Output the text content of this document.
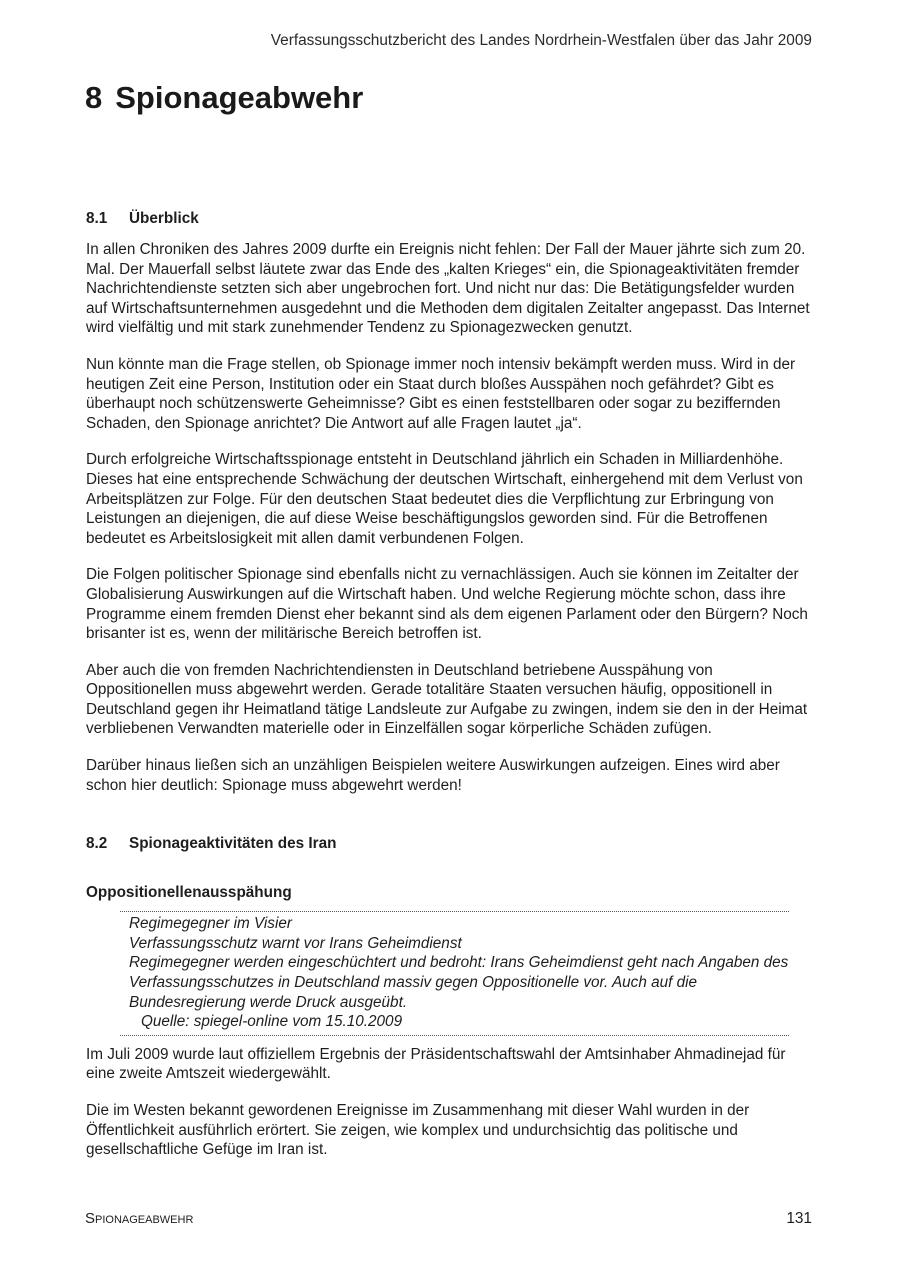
Verfassungsschutzbericht des Landes Nordrhein-Westfalen über das Jahr 2009
8 Spionageabwehr
8.1 Überblick

In allen Chroniken des Jahres 2009 durfte ein Ereignis nicht fehlen: Der Fall der Mauer jährte sich zum 20. Mal. Der Mauerfall selbst läutete zwar das Ende des „kalten Krieges“ ein, die Spionageaktivitäten fremder Nachrichtendienste setzten sich aber ungebrochen fort. Und nicht nur das: Die Betätigungsfelder wurden auf Wirtschaftsunternehmen ausgedehnt und die Methoden dem digitalen Zeitalter angepasst. Das Internet wird vielfältig und mit stark zunehmender Tendenz zu Spionagezwecken genutzt.

Nun könnte man die Frage stellen, ob Spionage immer noch intensiv bekämpft werden muss. Wird in der heutigen Zeit eine Person, Institution oder ein Staat durch bloßes Ausspähen noch gefährdet? Gibt es überhaupt noch schützenswerte Geheimnisse? Gibt es einen feststellbaren oder sogar zu beziffernden Schaden, den Spionage anrichtet? Die Antwort auf alle Fragen lautet „ja“.

Durch erfolgreiche Wirtschaftsspionage entsteht in Deutschland jährlich ein Schaden in Milliardenhöhe. Dieses hat eine entsprechende Schwächung der deutschen Wirtschaft, einhergehend mit dem Verlust von Arbeitsplätzen zur Folge. Für den deutschen Staat bedeutet dies die Verpflichtung zur Erbringung von Leistungen an diejenigen, die auf diese Weise beschäftigungslos geworden sind. Für die Betroffenen bedeutet es Arbeitslosigkeit mit allen damit verbundenen Folgen.

Die Folgen politischer Spionage sind ebenfalls nicht zu vernachlässigen. Auch sie können im Zeitalter der Globalisierung Auswirkungen auf die Wirtschaft haben. Und welche Regierung möchte schon, dass ihre Programme einem fremden Dienst eher bekannt sind als dem eigenen Parlament oder den Bürgern? Noch brisanter ist es, wenn der militärische Bereich betroffen ist.

Aber auch die von fremden Nachrichtendiensten in Deutschland betriebene Ausspähung von Oppositionellen muss abgewehrt werden. Gerade totalitäre Staaten versuchen häufig, oppositionell in Deutschland gegen ihr Heimatland tätige Landsleute zur Aufgabe zu zwingen, indem sie den in der Heimat verbliebenen Verwandten materielle oder in Einzelfällen sogar körperliche Schäden zufügen.

Darüber hinaus ließen sich an unzähligen Beispielen weitere Auswirkungen aufzeigen. Eines wird aber schon hier deutlich: Spionage muss abgewehrt werden!

8.2 Spionageaktivitäten des Iran
Oppositionellenausspähung
Regimegegner im Visier
Verfassungsschutz warnt vor Irans Geheimdienst
Regimegegner werden eingeschüchtert und bedroht: Irans Geheimdienst geht nach Angaben des Verfassungsschutzes in Deutschland massiv gegen Oppositionelle vor. Auch auf die Bundesregierung werde Druck ausgeübt.
Quelle: spiegel-online vom 15.10.2009

Im Juli 2009 wurde laut offiziellem Ergebnis der Präsidentschaftswahl der Amtsinhaber Ahmadinejad für eine zweite Amtszeit wiedergewählt.

Die im Westen bekannt gewordenen Ereignisse im Zusammenhang mit dieser Wahl wurden in der Öffentlichkeit ausführlich erörtert. Sie zeigen, wie komplex und undurchsichtig das politische und gesellschaftliche Gefüge im Iran ist.

Spionageabwehr	131
